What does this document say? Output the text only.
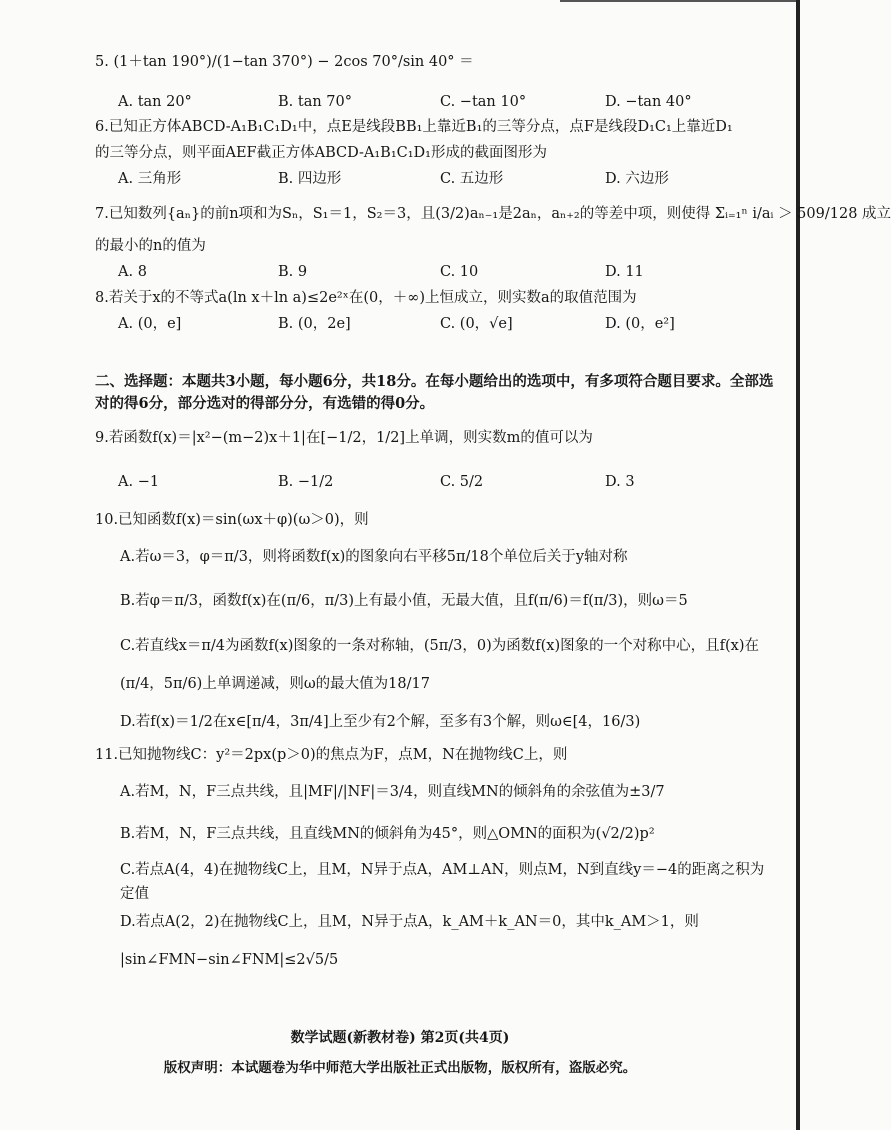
5. (1＋tan 190°)/(1−tan 370°) − 2cos 70°/sin 40° ＝
A. tan 20°	B. tan 70°	C. −tan 10°	D. −tan 40°
6.已知正方体ABCD-A₁B₁C₁D₁中，点E是线段BB₁上靠近B₁的三等分点，点F是线段D₁C₁上靠近D₁
的三等分点，则平面AEF截正方体ABCD-A₁B₁C₁D₁形成的截面图形为
A. 三角形	B. 四边形	C. 五边形	D. 六边形
7.已知数列{aₙ}的前n项和为Sₙ，S₁＝1，S₂＝3，且(3/2)aₙ₋₁是2aₙ，aₙ₊₂的等差中项，则使得 Σᵢ₌₁ⁿ i/aᵢ ＞ 509/128 成立
的最小的n的值为
A. 8	B. 9	C. 10	D. 11
8.若关于x的不等式a(ln x＋ln a)≤2e²ˣ在(0，＋∞)上恒成立，则实数a的取值范围为
A. (0，e]	B. (0，2e]	C. (0，√e]	D. (0，e²]
二、选择题：本题共3小题，每小题6分，共18分。在每小题给出的选项中，有多项符合题目要求。全部选对的得6分，部分选对的得部分分，有选错的得0分。
9.若函数f(x)＝|x²−(m−2)x＋1|在[−1/2，1/2]上单调，则实数m的值可以为
A. −1	B. −1/2	C. 5/2	D. 3
10.已知函数f(x)＝sin(ωx＋φ)(ω＞0)，则
A.若ω＝3，φ＝π/3，则将函数f(x)的图象向右平移5π/18个单位后关于y轴对称
B.若φ＝π/3，函数f(x)在(π/6，π/3)上有最小值，无最大值，且f(π/6)＝f(π/3)，则ω＝5
C.若直线x＝π/4为函数f(x)图象的一条对称轴，(5π/3，0)为函数f(x)图象的一个对称中心，且f(x)在
(π/4，5π/6)上单调递减，则ω的最大值为18/17
D.若f(x)＝1/2在x∈[π/4，3π/4]上至少有2个解，至多有3个解，则ω∈[4，16/3)
11.已知抛物线C：y²＝2px(p＞0)的焦点为F，点M，N在抛物线C上，则
A.若M，N，F三点共线，且|MF|/|NF|＝3/4，则直线MN的倾斜角的余弦值为±3/7
B.若M，N，F三点共线，且直线MN的倾斜角为45°，则△OMN的面积为(√2/2)p²
C.若点A(4，4)在抛物线C上，且M，N异于点A，AM⊥AN，则点M，N到直线y＝−4的距离之积为
定值
D.若点A(2，2)在抛物线C上，且M，N异于点A，k_AM＋k_AN＝0，其中k_AM＞1，则
|sin∠FMN−sin∠FNM|≤2√5/5
数学试题(新教材卷) 第2页(共4页)
版权声明：本试题卷为华中师范大学出版社正式出版物，版权所有，盗版必究。
